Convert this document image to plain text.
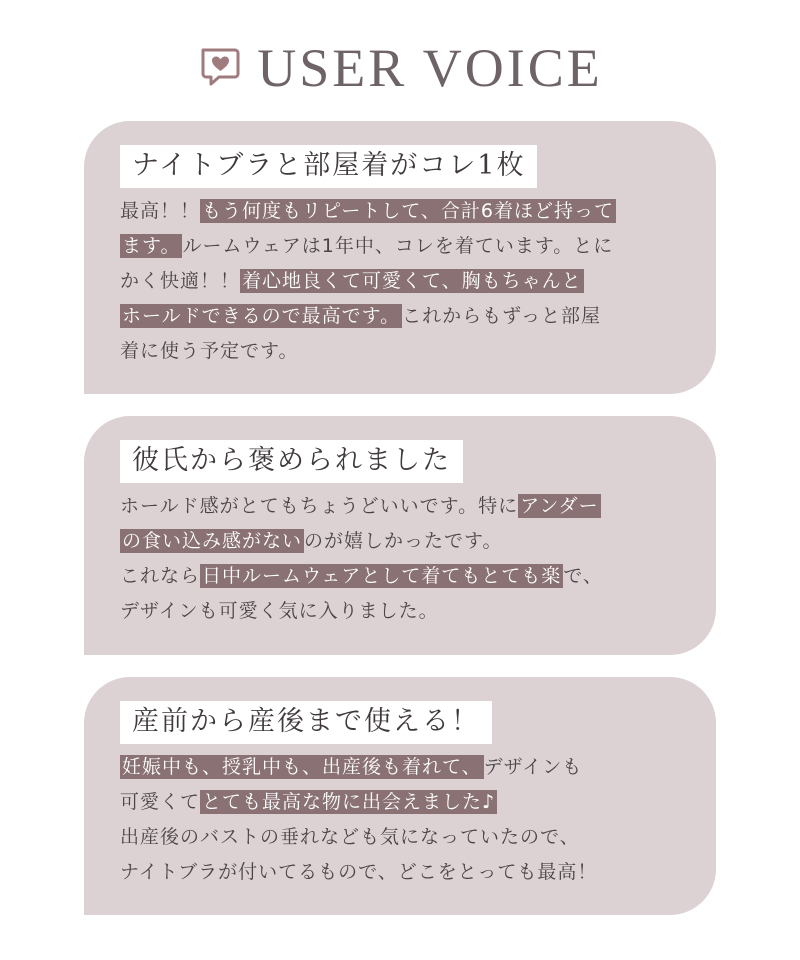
USER VOICE
ナイトブラと部屋着がコレ1枚
最高！！ もう何度もリピートして、合計6着ほど持って
ます。 ルームウェアは1年中、コレを着ています。とに
かく快適！！ 着心地良くて可愛くて、胸もちゃんと
ホールドできるので最高です。 これからもずっと部屋
着に使う予定です。
彼氏から褒められました
ホールド感がとてもちょうどいいです。特に アンダー
の食い込み感がない のが嬉しかったです。
これなら 日中ルームウェアとして着てもとても楽 で、
デザインも可愛く気に入りました。
産前から産後まで使える！
妊娠中も、授乳中も、出産後も着れて、 デザインも
可愛くて とても最高な物に出会えました♪
出産後のバストの垂れなども気になっていたので、
ナイトブラが付いてるもので、どこをとっても最高！
